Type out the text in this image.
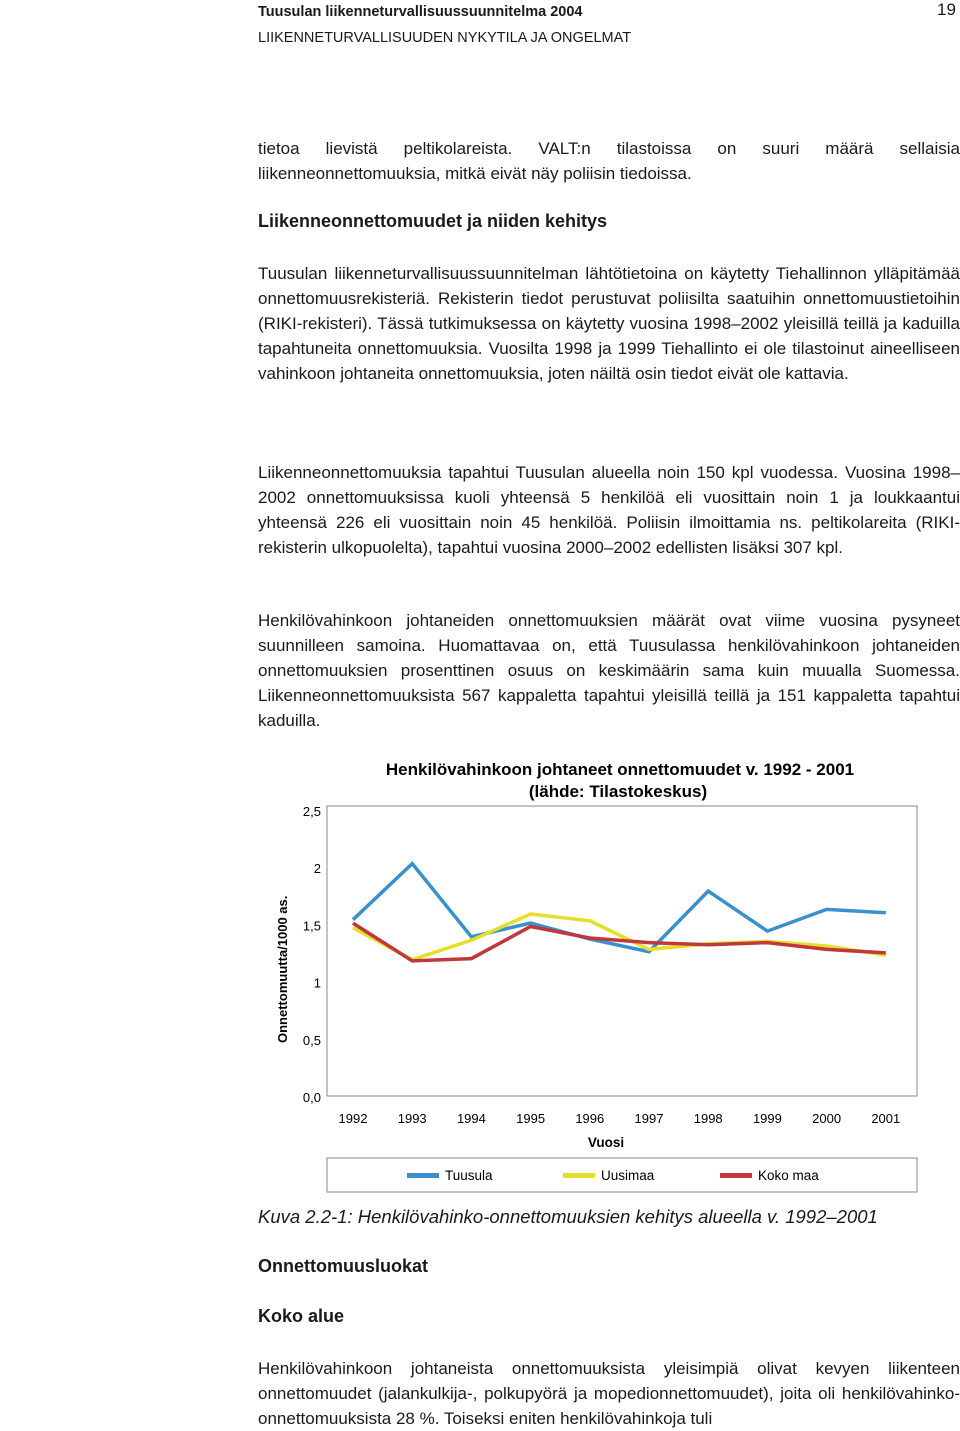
Tuusulan liikenneturvallisuussuunnitelma 2004
LIIKENNETURVALLISUUDEN NYKYTILA JA ONGELMAT
19

tietoa lievistä peltikolareista. VALT:n tilastoissa on suuri määrä sellaisia liikenneonnettomuuksia, mitkä eivät näy poliisin tiedoissa.

Liikenneonnettomuudet ja niiden kehitys

Tuusulan liikenneturvallisuussuunnitelman lähtötietoina on käytetty Tiehallinnon ylläpitämää onnettomuusrekisteriä. Rekisterin tiedot perustuvat poliisilta saatuihin onnettomuustietoihin (RIKI-rekisteri). Tässä tutkimuksessa on käytetty vuosina 1998–2002 yleisillä teillä ja kaduilla tapahtuneita onnettomuuksia. Vuosilta 1998 ja 1999 Tiehallinto ei ole tilastoinut aineelliseen vahinkoon johtaneita onnettomuuksia, joten näiltä osin tiedot eivät ole kattavia.

Liikenneonnettomuuksia tapahtui Tuusulan alueella noin 150 kpl vuodessa. Vuosina 1998–2002 onnettomuuksissa kuoli yhteensä 5 henkilöä eli vuosittain noin 1 ja loukkaantui yhteensä 226 eli vuosittain noin 45 henkilöä. Poliisin ilmoittamia ns. peltikolareita (RIKI-rekisterin ulkopuolelta), tapahtui vuosina 2000–2002 edellisten lisäksi 307 kpl.

Henkilövahinkoon johtaneiden onnettomuuksien määrät ovat viime vuosina pysyneet suunnilleen samoina. Huomattavaa on, että Tuusulassa henkilövahinkoon johtaneiden onnettomuuksien prosenttinen osuus on keskimäärin sama kuin muualla Suomessa. Liikenneonnettomuuksista 567 kappaletta tapahtui yleisillä teillä ja 151 kappaletta tapahtui kaduilla.

Henkilövahinkoon johtaneet onnettomuudet v. 1992 - 2001
(lähde: Tilastokeskus)
2,5
2
1,5
1
0,5
0,0
1992 1993 1994 1995 1996 1997 1998 1999 2000 2001
Onnettomuutta/1000 as.
Vuosi
Tuusula	Uusimaa	Koko maa
Kuva 2.2-1: Henkilövahinko-onnettomuuksien kehitys alueella v. 1992–2001
Onnettomuusluokat
Koko alue

Henkilövahinkoon johtaneista onnettomuuksista yleisimpiä olivat kevyen liikenteen onnettomuudet (jalankulkija-, polkupyörä ja mopedionnettomuudet), joita oli henkilövahinko-onnettomuuksista 28 %. Toiseksi eniten henkilövahinkoja tuli
